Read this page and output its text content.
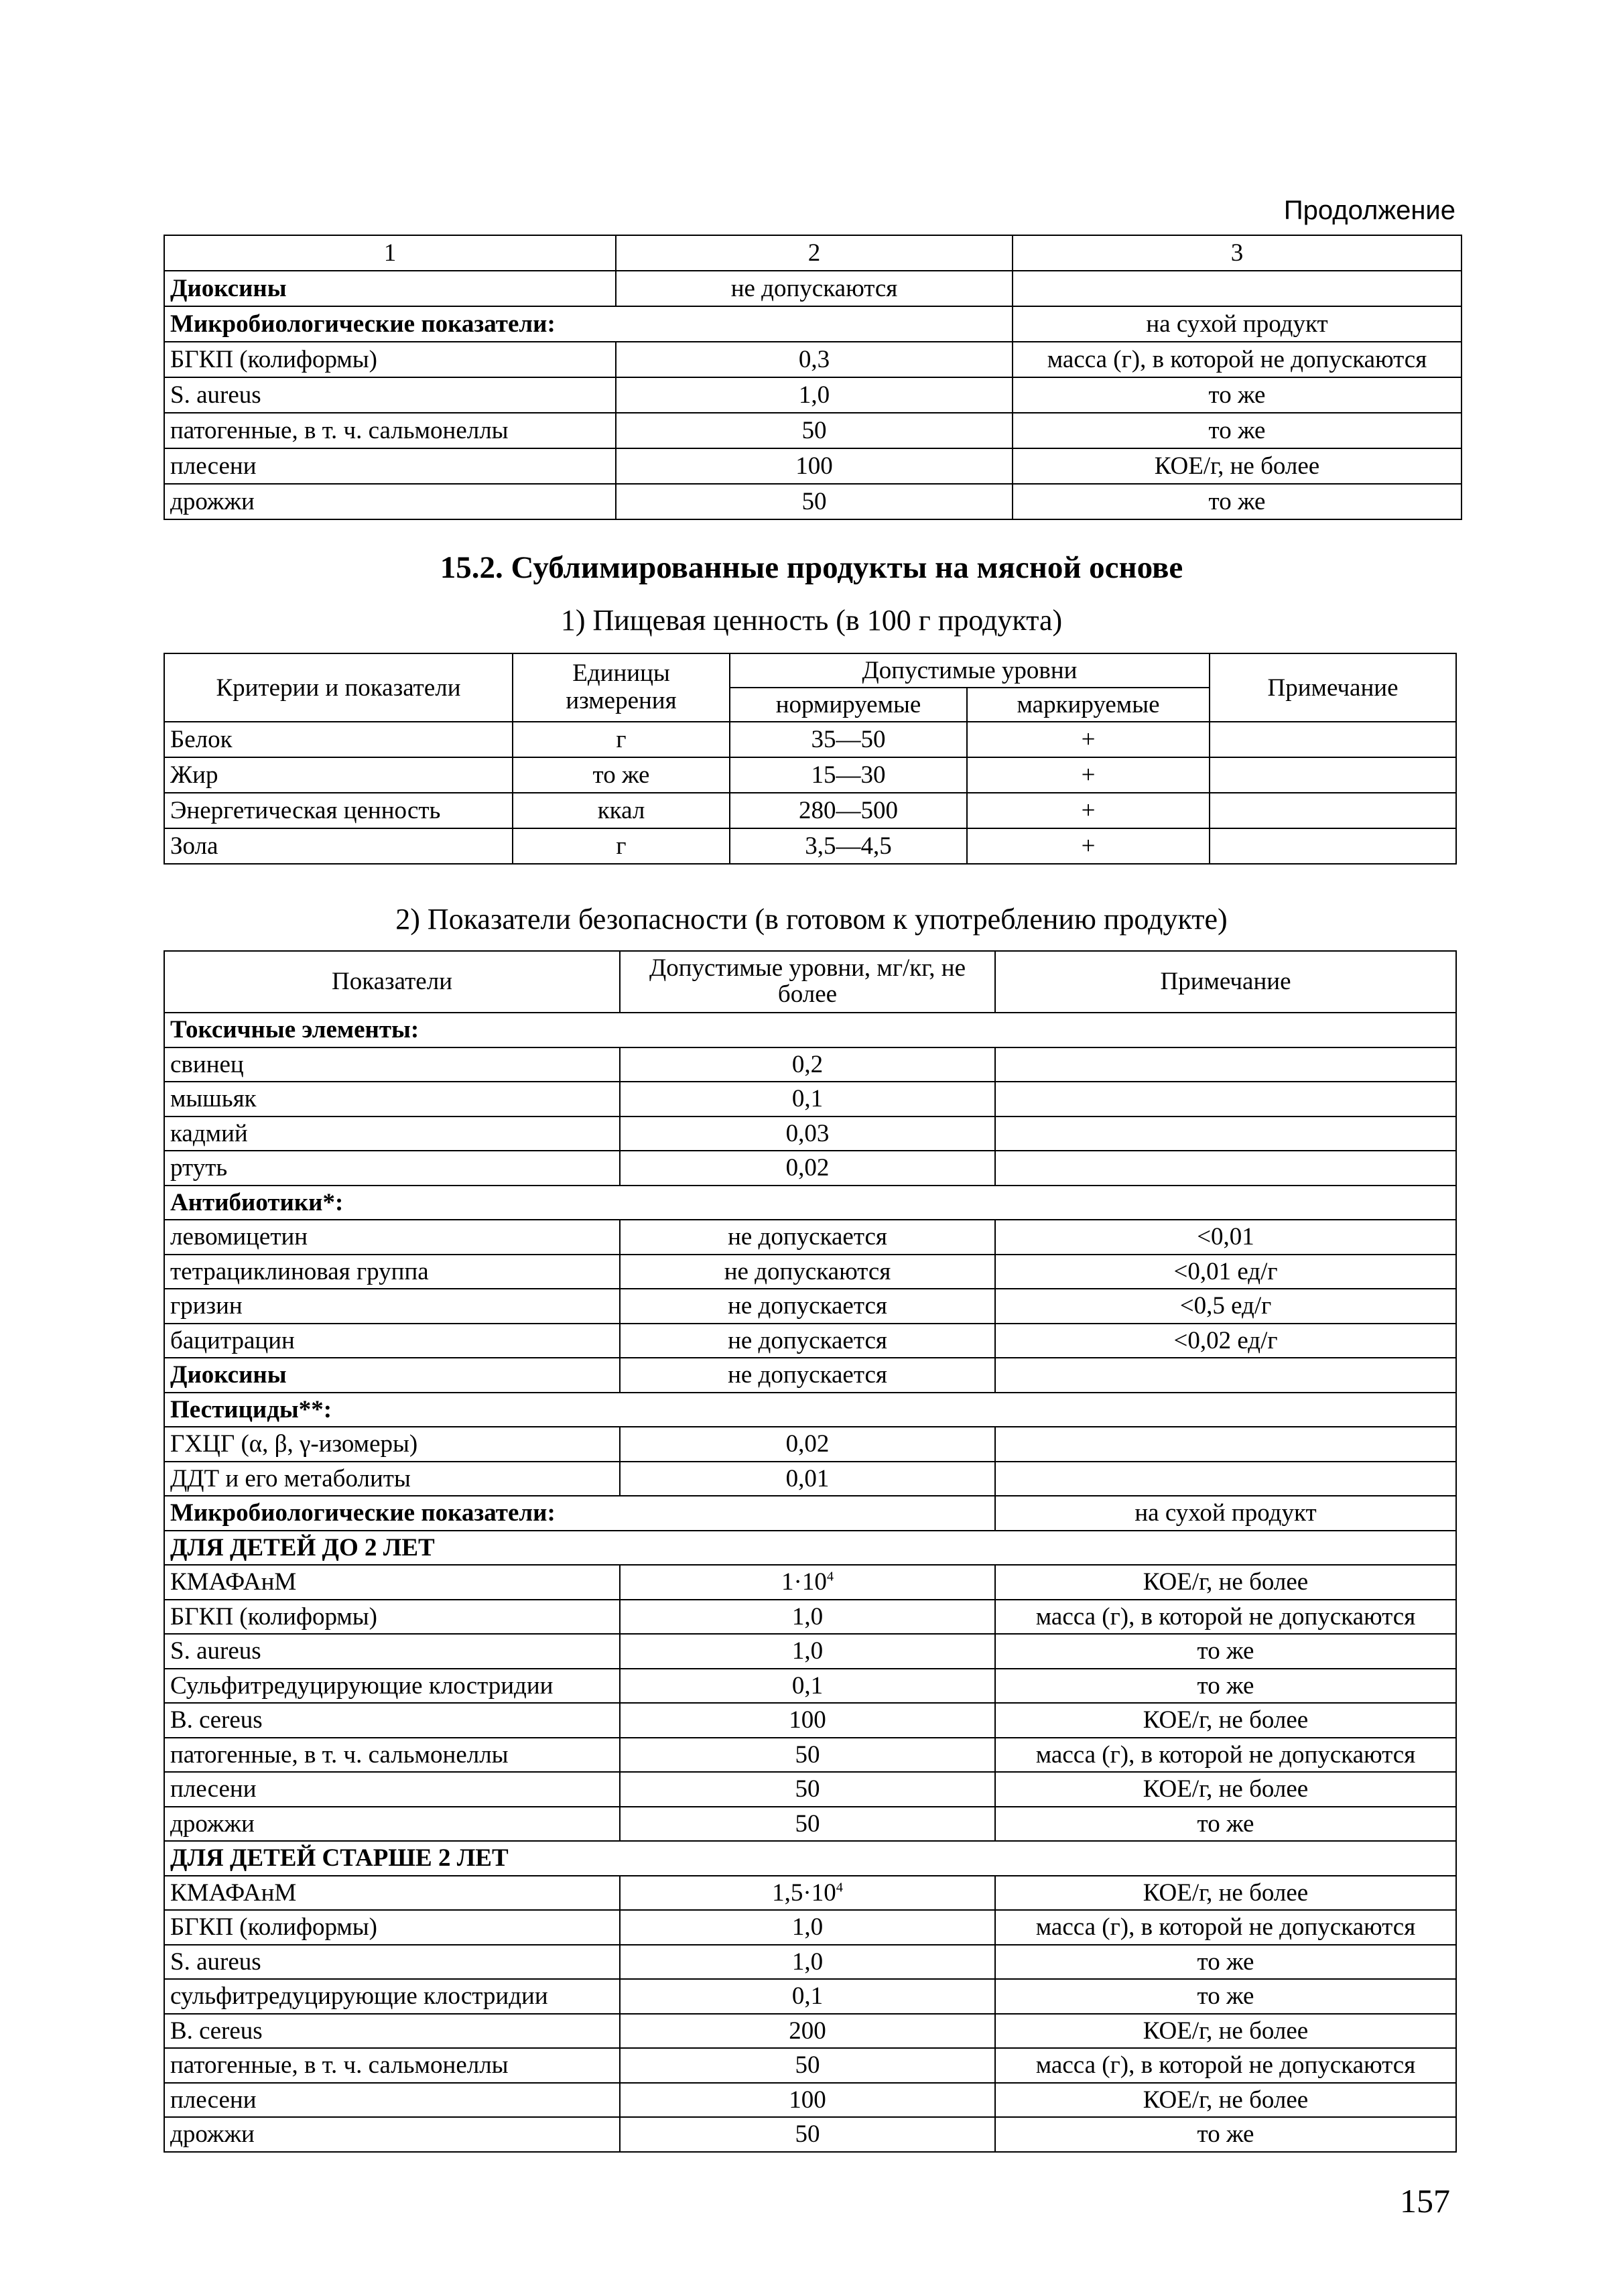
Продолжение
1	2	3
Диоксины	не допускаются	
Микробиологические показатели:		на сухой продукт
БГКП (колиформы)	0,3	масса (г), в которой не допускаются
S. aureus	1,0	то же
патогенные, в т. ч. сальмонеллы	50	то же
плесени	100	КОЕ/г, не более
дрожжи	50	то же
15.2. Сублимированные продукты на мясной основе
1) Пищевая ценность (в 100 г продукта)
Критерии и показатели	Единицы измерения	Допустимые уровни		Примечание
		нормируемые	маркируемые	
Белок	г	35—50	+	
Жир	то же	15—30	+	
Энергетическая ценность	ккал	280—500	+	
Зола	г	3,5—4,5	+	
2) Показатели безопасности (в готовом к употреблению продукте)
Показатели	Допустимые уровни, мг/кг, не более	Примечание
Токсичные элементы:		
свинец	0,2	
мышьяк	0,1	
кадмий	0,03	
ртуть	0,02	
Антибиотики*:		
левомицетин	не допускается	<0,01
тетрациклиновая группа	не допускаются	<0,01 ед/г
гризин	не допускается	<0,5 ед/г
бацитрацин	не допускается	<0,02 ед/г
Диоксины	не допускается	
Пестициды**:		
ГХЦГ (α, β, γ-изомеры)	0,02	
ДДТ и его метаболиты	0,01	
Микробиологические показатели:		на сухой продукт
ДЛЯ ДЕТЕЙ ДО 2 ЛЕТ		
КМАФАнМ	$1\cdot 10^4$	КОЕ/г, не более
БГКП (колиформы)	1,0	масса (г), в которой не допускаются
S. aureus	1,0	то же
Сульфитредуцирующие клостридии	0,1	то же
B. cereus	100	КОЕ/г, не более
патогенные, в т. ч. сальмонеллы	50	масса (г), в которой не допускаются
плесени	50	КОЕ/г, не более
дрожжи	50	то же
ДЛЯ ДЕТЕЙ СТАРШЕ 2 ЛЕТ		
КМАФАнМ	$1,5\cdot 10^4$	КОЕ/г, не более
БГКП (колиформы)	1,0	масса (г), в которой не допускаются
S. aureus	1,0	то же
сульфитредуцирующие клостридии	0,1	то же
B. cereus	200	КОЕ/г, не более
патогенные, в т. ч. сальмонеллы	50	масса (г), в которой не допускаются
плесени	100	КОЕ/г, не более
дрожжи	50	то же
157
